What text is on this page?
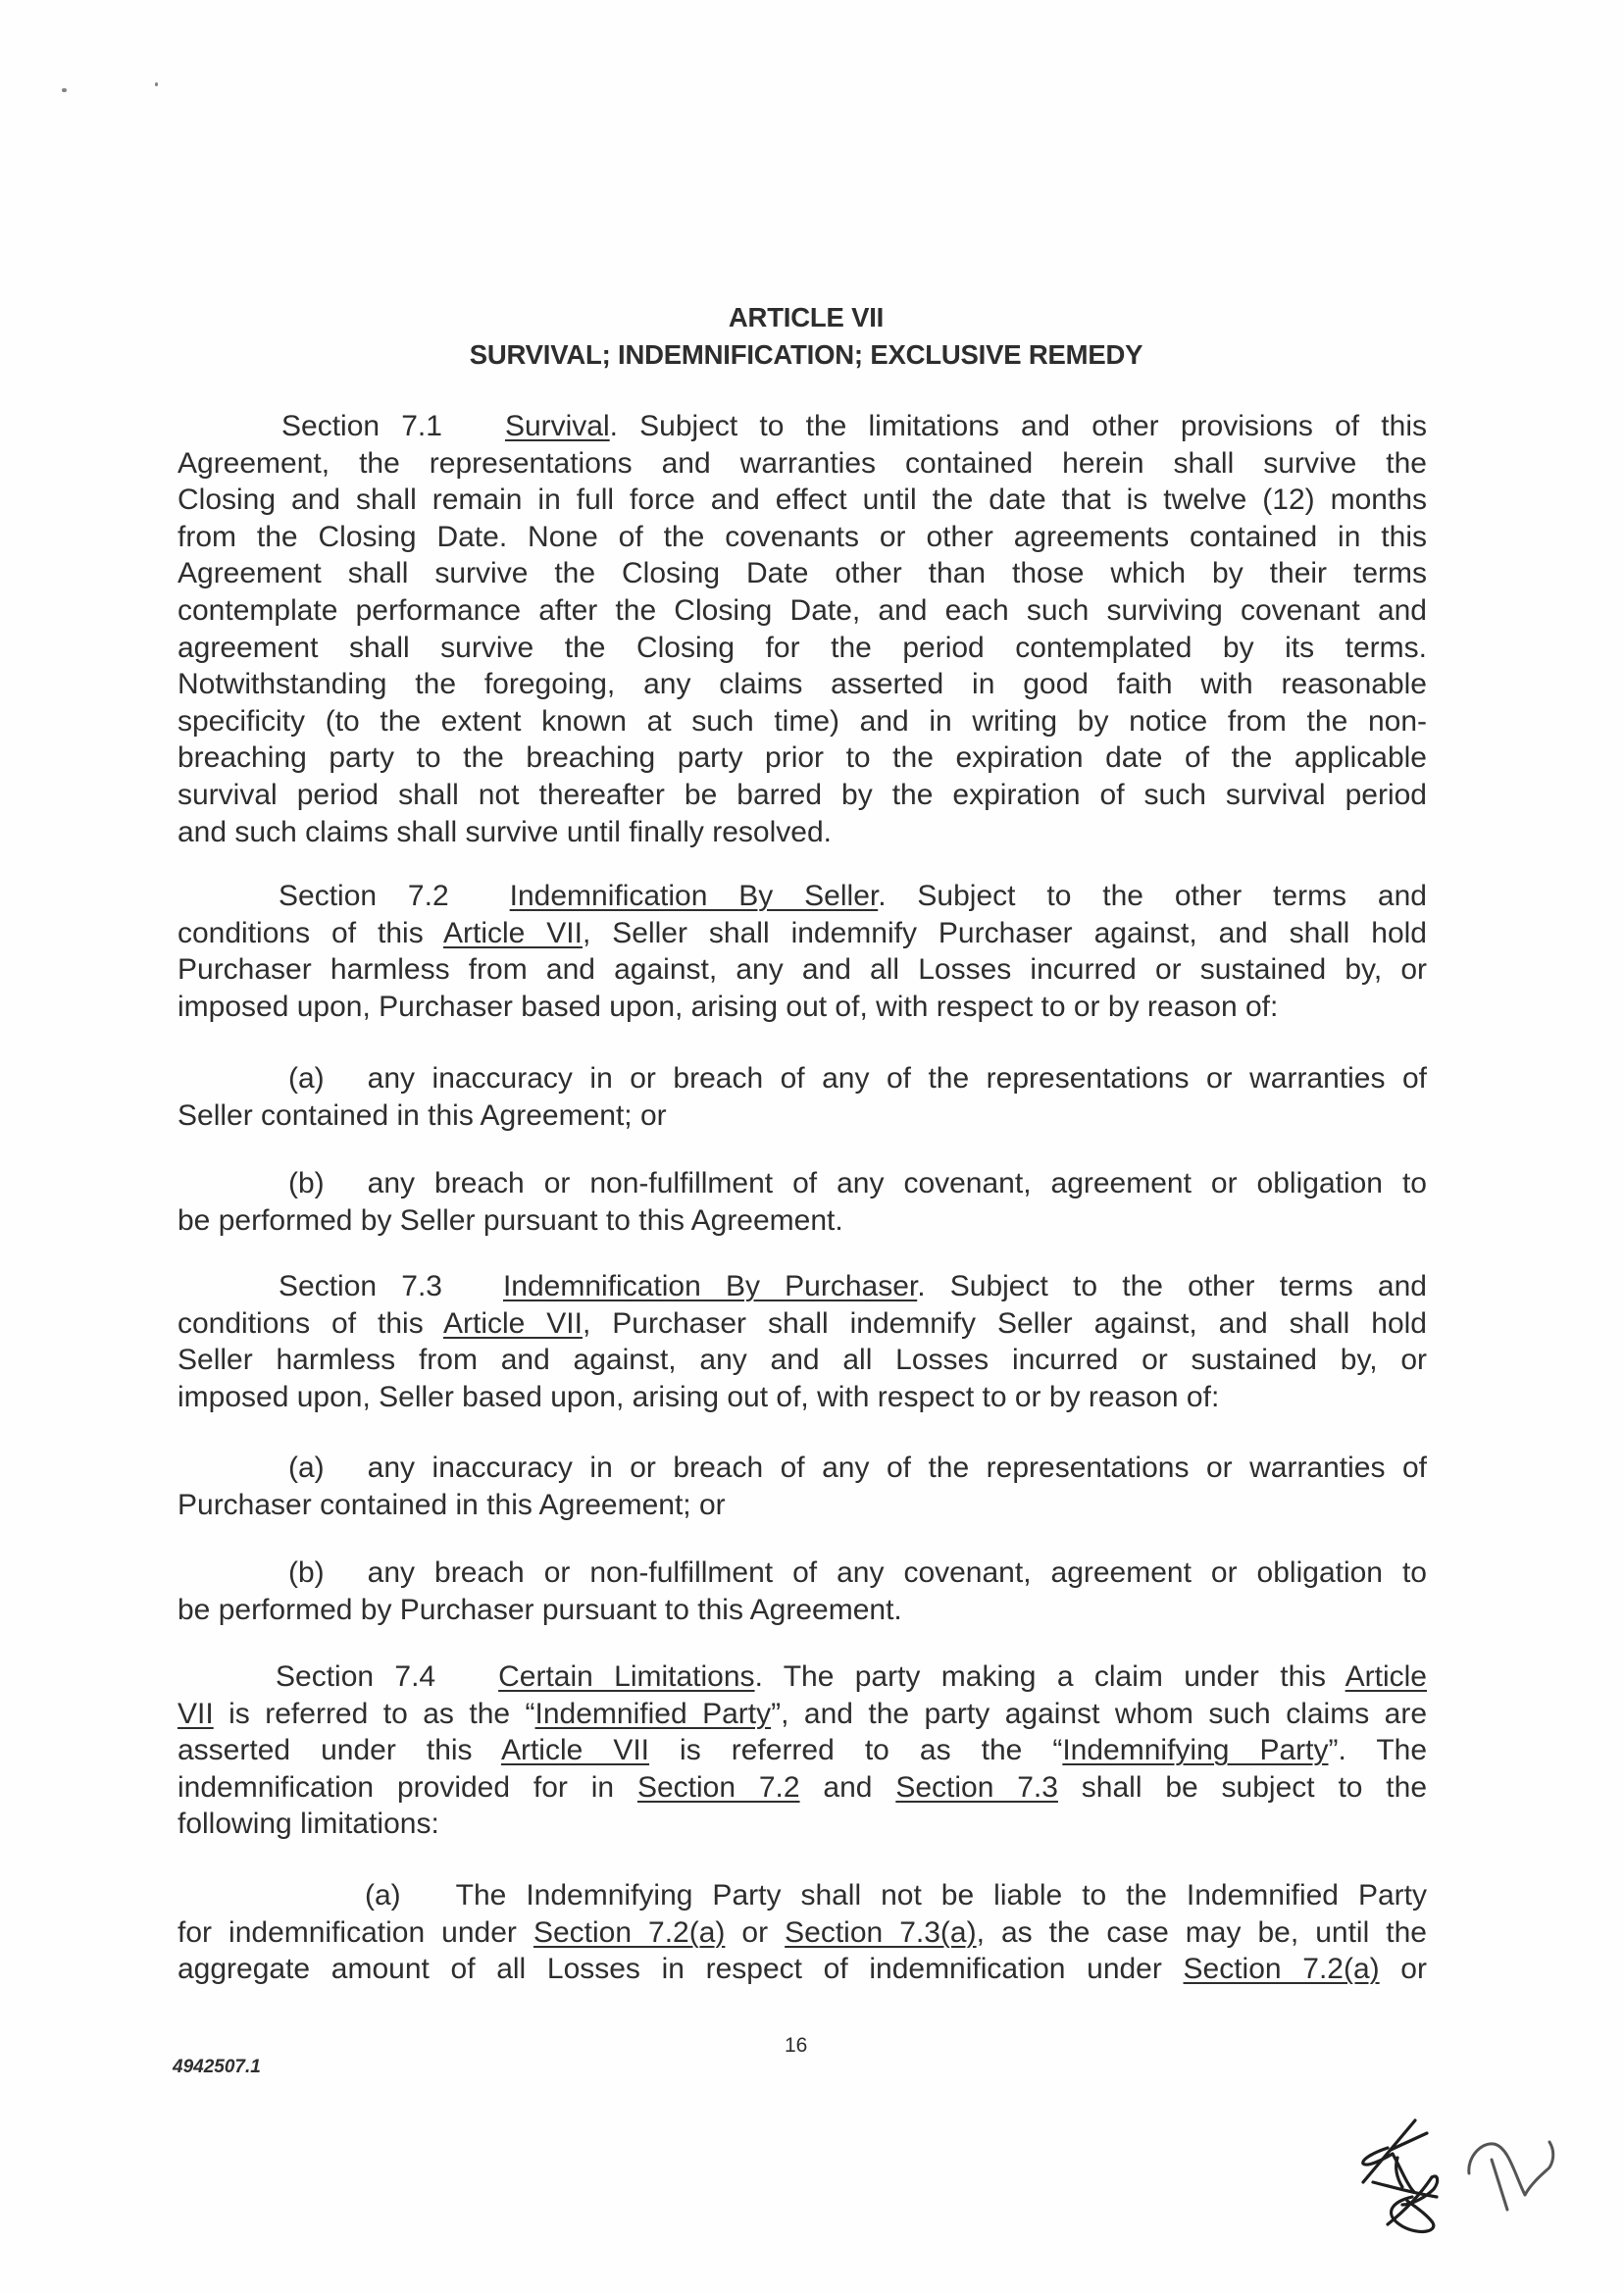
ARTICLE VII
SURVIVAL; INDEMNIFICATION; EXCLUSIVE REMEDY
Section 7.1 Survival. Subject to the limitations and other provisions of this
Agreement, the representations and warranties contained herein shall survive the
Closing and shall remain in full force and effect until the date that is twelve (12) months
from the Closing Date. None of the covenants or other agreements contained in this
Agreement shall survive the Closing Date other than those which by their terms
contemplate performance after the Closing Date, and each such surviving covenant and
agreement shall survive the Closing for the period contemplated by its terms.
Notwithstanding the foregoing, any claims asserted in good faith with reasonable
specificity (to the extent known at such time) and in writing by notice from the non-
breaching party to the breaching party prior to the expiration date of the applicable
survival period shall not thereafter be barred by the expiration of such survival period
and such claims shall survive until finally resolved.
Section 7.2 Indemnification By Seller. Subject to the other terms and
conditions of this Article VII, Seller shall indemnify Purchaser against, and shall hold
Purchaser harmless from and against, any and all Losses incurred or sustained by, or
imposed upon, Purchaser based upon, arising out of, with respect to or by reason of:
(a) any inaccuracy in or breach of any of the representations or warranties of
Seller contained in this Agreement; or
(b) any breach or non-fulfillment of any covenant, agreement or obligation to
be performed by Seller pursuant to this Agreement.
Section 7.3 Indemnification By Purchaser. Subject to the other terms and
conditions of this Article VII, Purchaser shall indemnify Seller against, and shall hold
Seller harmless from and against, any and all Losses incurred or sustained by, or
imposed upon, Seller based upon, arising out of, with respect to or by reason of:
(a) any inaccuracy in or breach of any of the representations or warranties of
Purchaser contained in this Agreement; or
(b) any breach or non-fulfillment of any covenant, agreement or obligation to
be performed by Purchaser pursuant to this Agreement.
Section 7.4 Certain Limitations. The party making a claim under this Article
VII is referred to as the “Indemnified Party”, and the party against whom such claims are
asserted under this Article VII is referred to as the “Indemnifying Party”. The
indemnification provided for in Section 7.2 and Section 7.3 shall be subject to the
following limitations:
(a) The Indemnifying Party shall not be liable to the Indemnified Party
for indemnification under Section 7.2(a) or Section 7.3(a), as the case may be, until the
aggregate amount of all Losses in respect of indemnification under Section 7.2(a) or
16
4942507.1
